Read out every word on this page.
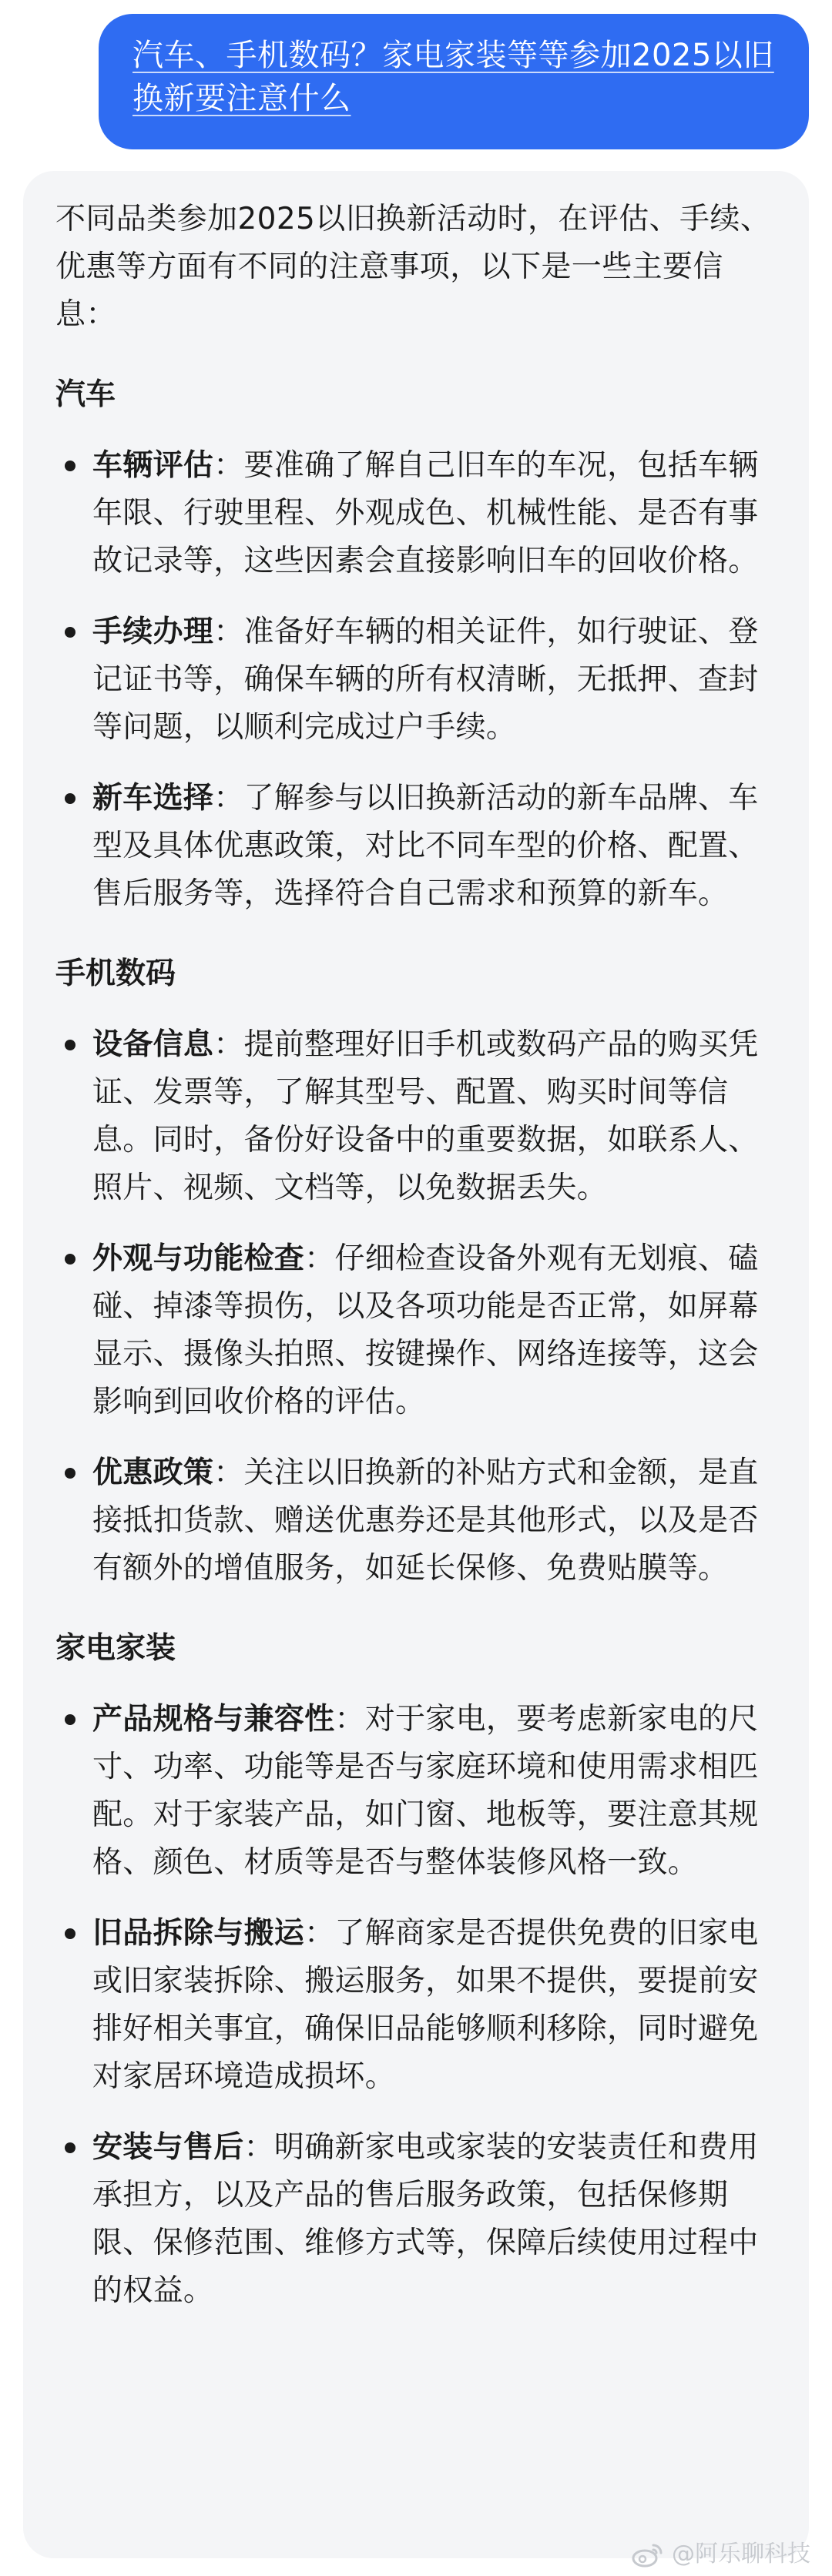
汽车、手机数码？家电家装等等参加2025以旧换新要注意什么

不同品类参加2025以旧换新活动时，在评估、手续、优惠等方面有不同的注意事项，以下是一些主要信息：

汽车
车辆评估：要准确了解自己旧车的车况，包括车辆年限、行驶里程、外观成色、机械性能、是否有事故记录等，这些因素会直接影响旧车的回收价格。
手续办理：准备好车辆的相关证件，如行驶证、登记证书等，确保车辆的所有权清晰，无抵押、查封等问题，以顺利完成过户手续。
新车选择：了解参与以旧换新活动的新车品牌、车型及具体优惠政策，对比不同车型的价格、配置、售后服务等，选择符合自己需求和预算的新车。
手机数码
设备信息：提前整理好旧手机或数码产品的购买凭证、发票等，了解其型号、配置、购买时间等信息。同时，备份好设备中的重要数据，如联系人、照片、视频、文档等，以免数据丢失。
外观与功能检查：仔细检查设备外观有无划痕、磕碰、掉漆等损伤，以及各项功能是否正常，如屏幕显示、摄像头拍照、按键操作、网络连接等，这会影响到回收价格的评估。
优惠政策：关注以旧换新的补贴方式和金额，是直接抵扣货款、赠送优惠券还是其他形式，以及是否有额外的增值服务，如延长保修、免费贴膜等。
家电家装
产品规格与兼容性：对于家电，要考虑新家电的尺寸、功率、功能等是否与家庭环境和使用需求相匹配。对于家装产品，如门窗、地板等，要注意其规格、颜色、材质等是否与整体装修风格一致。
旧品拆除与搬运：了解商家是否提供免费的旧家电或旧家装拆除、搬运服务，如果不提供，要提前安排好相关事宜，确保旧品能够顺利移除，同时避免对家居环境造成损坏。
安装与售后：明确新家电或家装的安装责任和费用承担方，以及产品的售后服务政策，包括保修期限、保修范围、维修方式等，保障后续使用过程中的权益。
@阿乐聊科技
